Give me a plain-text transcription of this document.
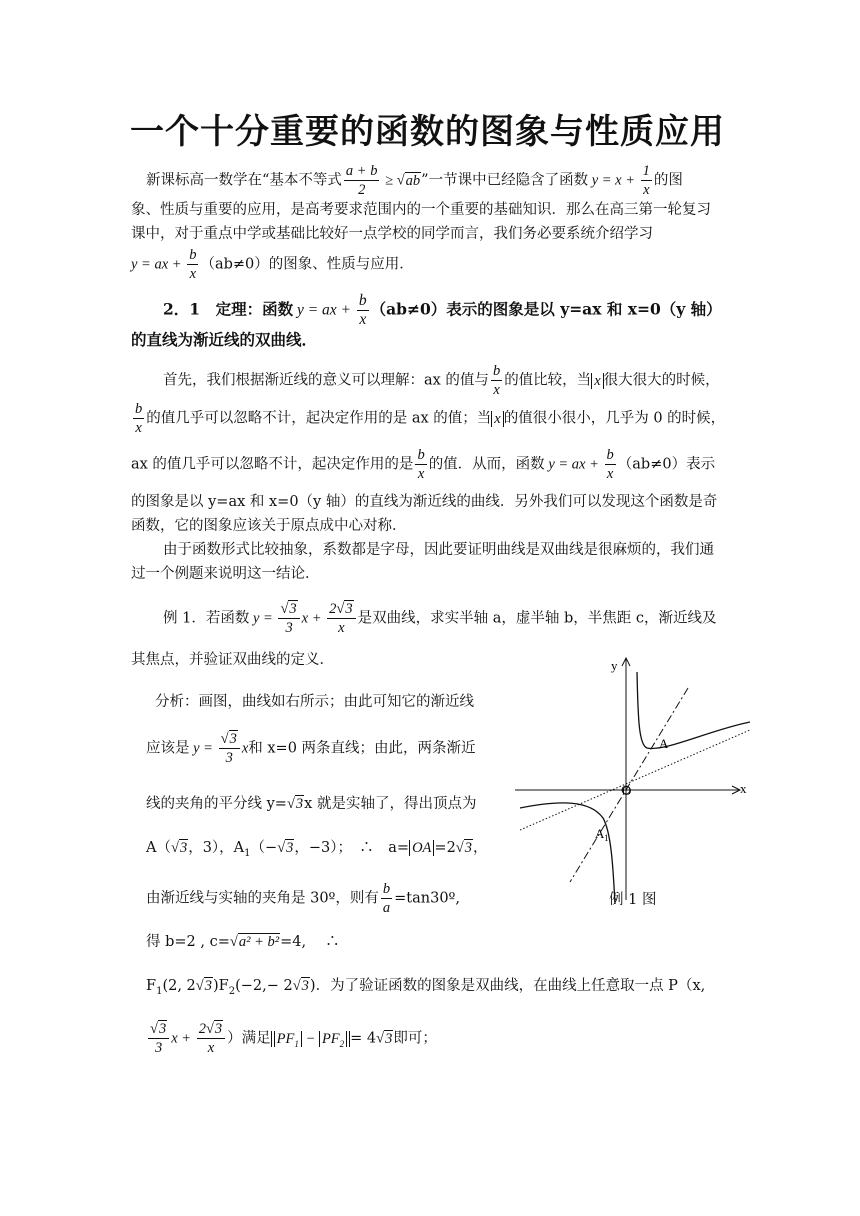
一个十分重要的函数的图象与性质应用
新课标高一数学在“基本不等式 $\frac{a + b}{2} \ge √ab$”一节课中已经隐含了函数 $y = x + \frac{1}{x}$ 的图
象、性质与重要的应用，是高考要求范围内的一个重要的基础知识．那么在高三第一轮复习
课中，对于重点中学或基础比较好一点学校的同学而言，我们务必要系统介绍学习
y = ax + $\frac{b}{x} (ab\ne 0)$的图象、性质与应用．
2．1　定理：函数 y = ax + $\frac{b}{x} (ab\ne 0)$表示的图象是以 y=ax 和 x=0（y 轴）
的直线为渐近线的双曲线．
首先，我们根据渐近线的意义可以理解：ax 的值与 $\frac{b}{x}$ 的值比较，当 x 很大很大的时候，
$\frac{b}{x}$ 的值几乎可以忽略不计，起决定作用的是 ax 的值；当 x 的值很小很小，几乎为 0 的时候，
ax 的值几乎可以忽略不计，起决定作用的是 $\frac{b}{x}$ 的值．从而，函数 y = ax + $\frac{b}{x} (ab\ne 0)$表示
的图象是以 y=ax 和 x=0（y 轴）的直线为渐近线的曲线．另外我们可以发现这个函数是奇
函数，它的图象应该关于原点成中心对称．
由于函数形式比较抽象，系数都是字母，因此要证明曲线是双曲线是很麻烦的，我们通
过一个例题来说明这一结论．
例 1．若函数 $y = \frac{√3}{3}$ $x + \frac{2√3}{x}$ 是双曲线，求实半轴 a，虚半轴 b，半焦距 c，渐近线及
其焦点，并验证双曲线的定义．
分析：画图，曲线如右所示；由此可知它的渐近线
应该是 $y = \frac{√3}{3}$ x和 x=0 两条直线；由此，两条渐近
线的夹角的平分线 y=√3x 就是实轴了，得出顶点为
A（√3，3），$A_1(-√3$，−3）；　∴　a= OA =2√3，
由渐近线与实轴的夹角是 30º，则有 $\frac{b}{a}$ =tan30º,
得 b=2 , c=√a² + b²=4,　 ∴
$F_1(2$, $2√3)F_2(-2,- 2√3)$．为了验证函数的图象是双曲线，在曲线上任意取一点 P（x,
$\frac{√3}{3}$ $x + \frac{2√3}{x}$ ）满足 $PF_1 - PF_2 = 4√3$即可；
y
x
O
A
A 1
例 1 图
